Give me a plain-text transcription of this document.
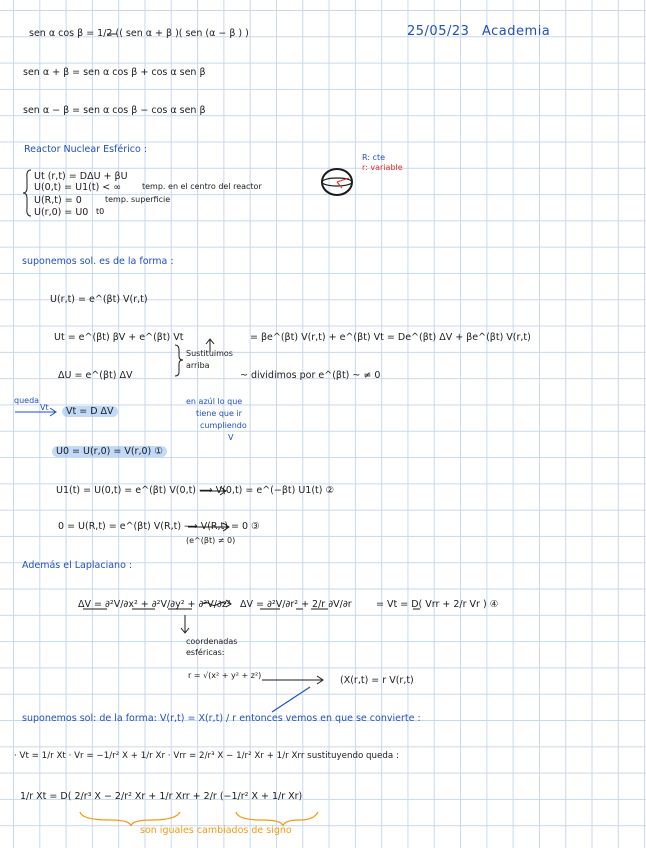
25/05/23 Academia
sen α cos β = 1/2 (( sen α + β )( sen (α − β ) )
sen α + β = sen α cos β + cos α sen β
sen α − β = sen α cos β − cos α sen β
Reactor Nuclear Esférico :
R: cte
r: variable
Ut (r,t) = DΔU + βU
U(0,t) = U1(t) < ∞	temp. en el centro del reactor
U(R,t) = 0	temp. superficie
U(r,0) = U0 t0
suponemos sol. es de la forma :
U(r,t) = e^(βt) V(r,t)
Ut = e^(βt) βV + e^(βt) Vt	= βe^(βt) V(r,t) + e^(βt) Vt = De^(βt) ΔV + βe^(βt) V(r,t)
Sustituimos
arriba
ΔU = e^(βt) ΔV	~ dividimos por e^(βt) ~ ≠ 0
queda
Vt	Vt = D ΔV
en azúl lo que
tiene que ir
cumpliendo
V
U0 = U(r,0) = V(r,0) ①
U1(t) = U(0,t) = e^(βt) V(0,t) ⟶ V(0,t) = e^(−βt) U1(t) ②
0 = U(R,t) = e^(βt) V(R,t) ⟶ V(R,t) = 0 ③
(e^(βt) ≠ 0)
Además el Laplaciano :
ΔV = ∂²V/∂x² + ∂²V/∂y² + ∂²V/∂z² ΔV = ∂²V/∂r² + 2/r ∂V/∂r	= Vt = D( Vrr + 2/r Vr ) ④
coordenadas
esféricas:
r = √(x² + y² + z²)	(X(r,t) = r V(r,t)
suponemos sol: de la forma: V(r,t) = X(r,t) / r entonces vemos en que se convierte :
· Vt = 1/r Xt · Vr = −1/r² X + 1/r Xr · Vrr = 2/r³ X − 1/r² Xr + 1/r Xrr sustituyendo queda :
1/r Xt = D( 2/r³ X − 2/r² Xr + 1/r Xrr + 2/r (−1/r² X + 1/r Xr)
son iguales cambiados de signo
